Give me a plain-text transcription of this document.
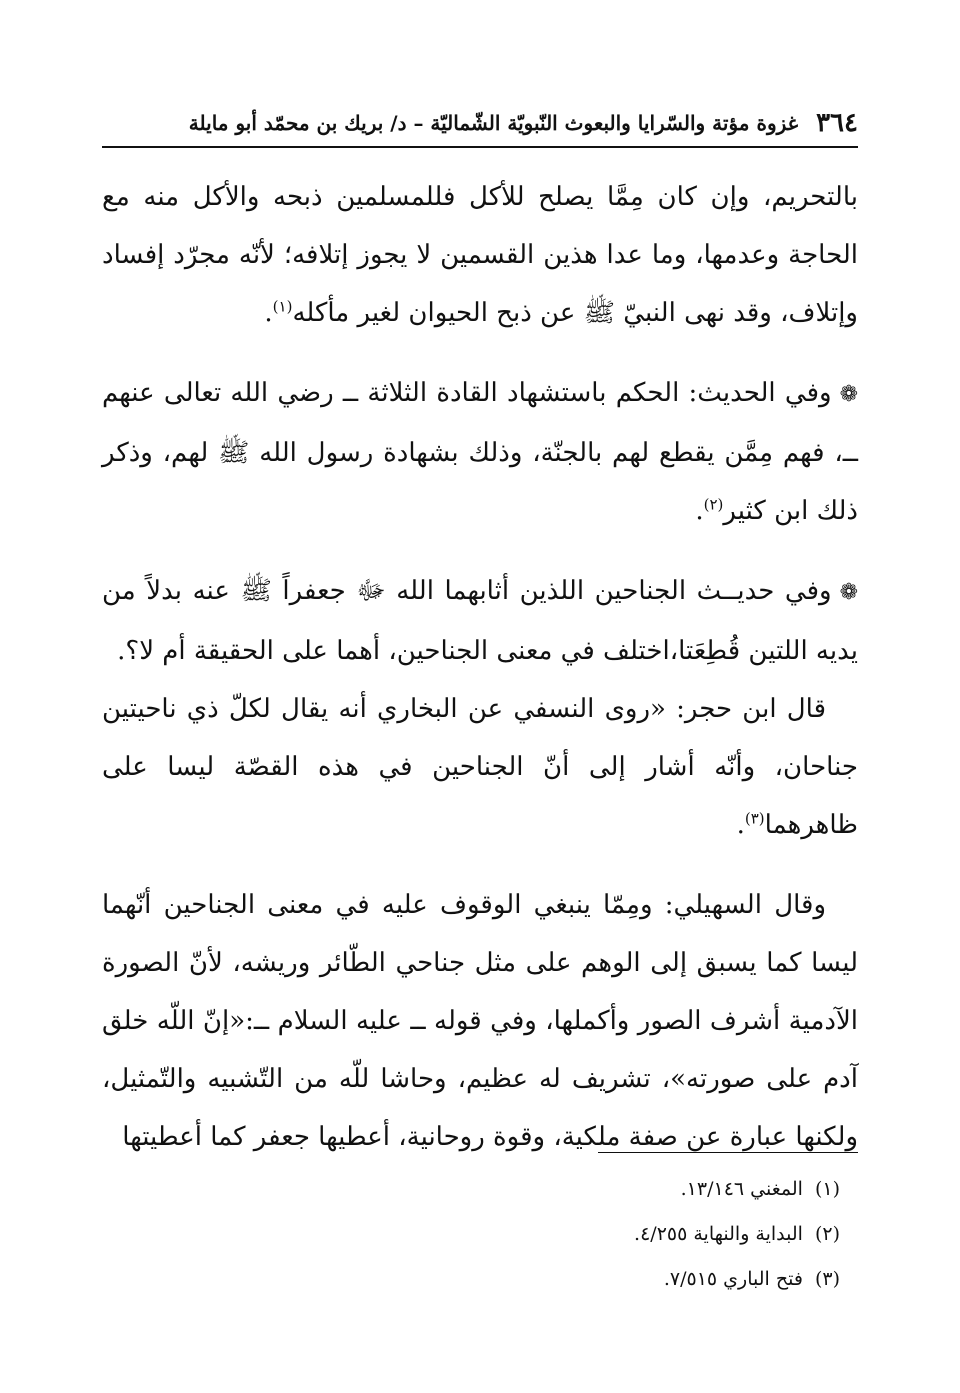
٣٦٤
غزوة مؤتة والسّرايا والبعوث النّبويّة الشّماليّة – د/ بريك بن محمّد أبو مايلة

بالتحريم، وإن كان مِمَّا يصلح للأكل فللمسلمين ذبحه والأكل منه مع الحاجة وعدمها، وما عدا هذين القسمين لا يجوز إتلافه؛ لأنّه مجرّد إفساد وإتلاف، وقد نهى النبيّ ﷺ عن ذبح الحيوان لغير مأكله$^{(١)}$.

❁وفي الحديث: الحكم باستشهاد القادة الثلاثة ــ رضي الله تعالى عنهم ــ، فهم مِمَّن يقطع لهم بالجنّة، وذلك بشهادة رسول الله ﷺ لهم، وذكر ذلك ابن كثير$^{(٢)}$.

❁وفي حديــث الجناحين اللذين أثابهما الله ﷻ جعفراً ﷺ عنه بدلاً من يديه اللتين قُطِعَتا،اختلف في معنى الجناحين، أهما على الحقيقة أم لا؟.

قال ابن حجر: «روى النسفي عن البخاري أنه يقال لكلّ ذي ناحيتين جناحان، وأنّه أشار إلى أنّ الجناحين في هذه القصّة ليسا على ظاهرهما$^{(٣)}$.

وقال السهيلي: ومِمّا ينبغي الوقوف عليه في معنى الجناحين أنّهما ليسا كما يسبق إلى الوهم على مثل جناحي الطّائر وريشه، لأنّ الصورة الآدمية أشرف الصور وأكملها، وفي قوله ــ عليه السلام ــ:«إنّ اللّه خلق آدم على صورته»، تشريف له عظيم، وحاشا للّه من التّشبيه والتّمثيل، ولكنها عبارة عن صفة ملكية، وقوة روحانية، أعطيها جعفر كما أعطيتها

(١)المغني ١٣/١٤٦.

(٢)البداية والنهاية ٤/٢٥٥.

(٣)فتح الباري ٧/٥١٥.
